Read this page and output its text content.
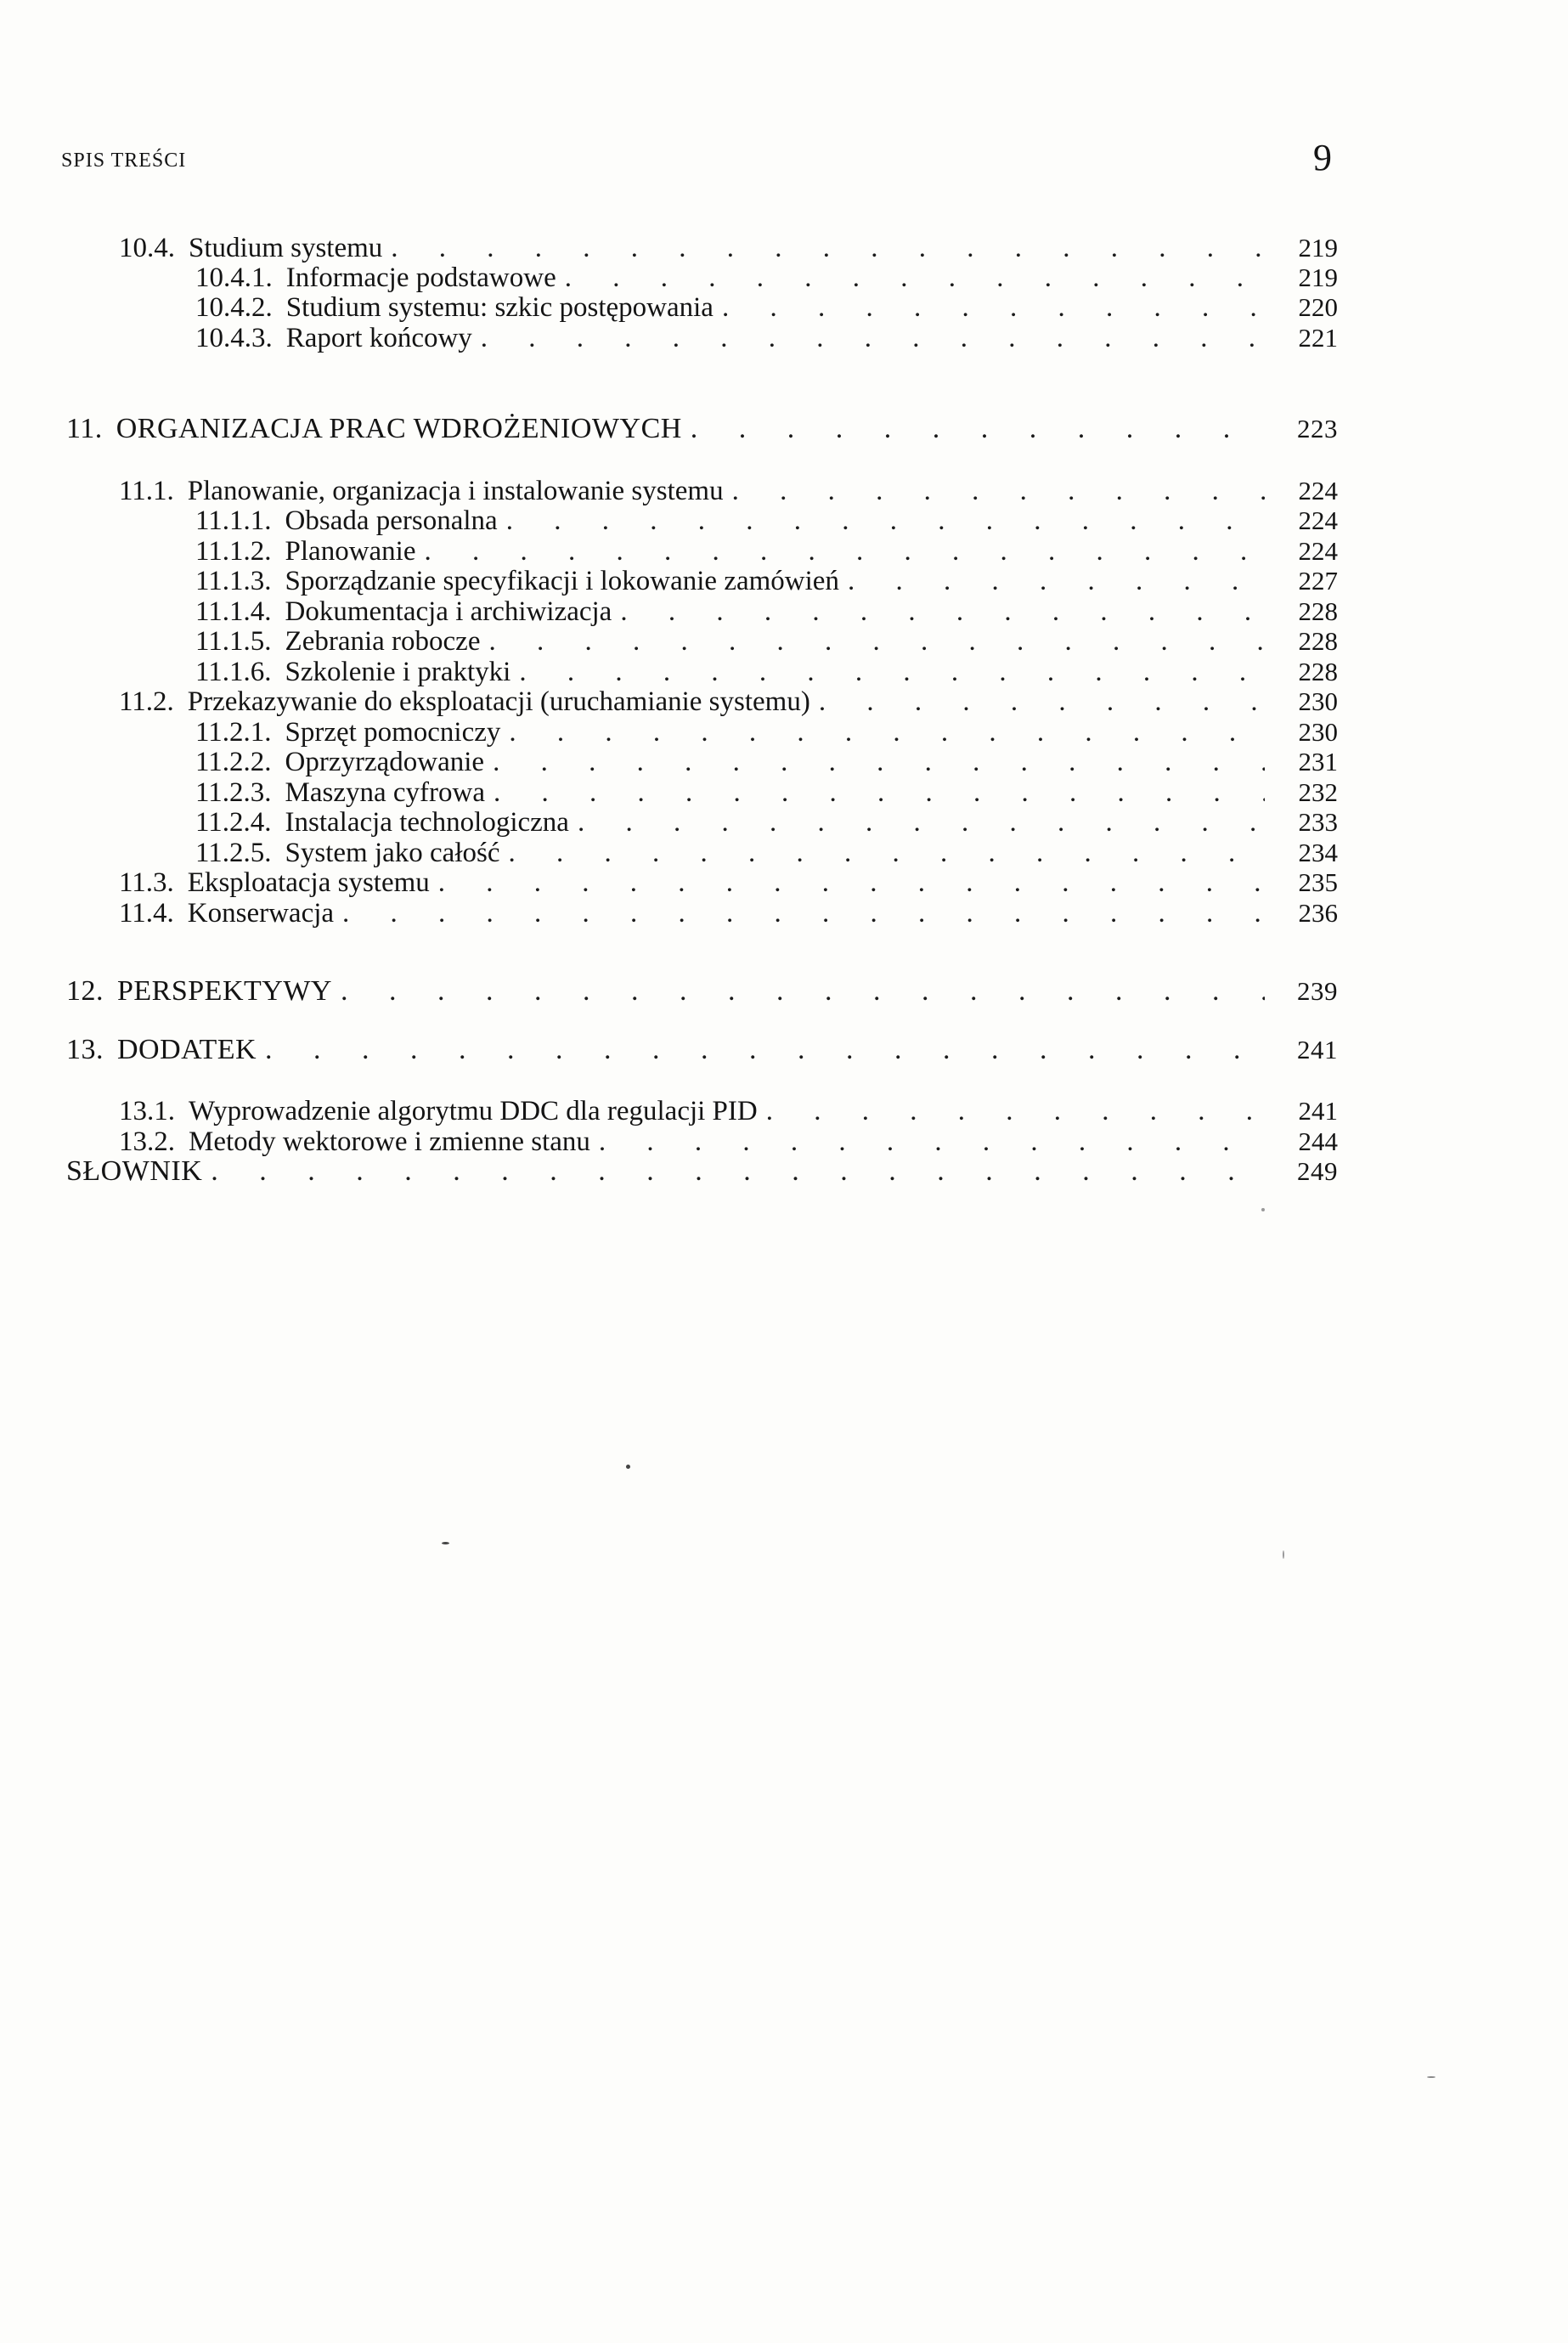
SPIS TREŚCI	9
10.4. Studium systemu . . .	219
10.4.1. Informacje podstawowe . . .	219
10.4.2. Studium systemu: szkic postępowania . . .	220
10.4.3. Raport końcowy . . .	221
11. ORGANIZACJA PRAC WDROŻENIOWYCH . . .	223
11.1. Planowanie, organizacja i instalowanie systemu . . .	224
11.1.1. Obsada personalna . . .	224
11.1.2. Planowanie . . .	224
11.1.3. Sporządzanie specyfikacji i lokowanie zamówień . . .	227
11.1.4. Dokumentacja i archiwizacja . . .	228
11.1.5. Zebrania robocze . . .	228
11.1.6. Szkolenie i praktyki . . .	228
11.2. Przekazywanie do eksploatacji (uruchamianie systemu) . . .	230
11.2.1. Sprzęt pomocniczy . . .	230
11.2.2. Oprzyrządowanie . . .	231
11.2.3. Maszyna cyfrowa . . .	232
11.2.4. Instalacja technologiczna . . .	233
11.2.5. System jako całość . . .	234
11.3. Eksploatacja systemu . . .	235
11.4. Konserwacja . . .	236
12. PERSPEKTYWY . . .	239
13. DODATEK . . .	241
13.1. Wyprowadzenie algorytmu DDC dla regulacji PID . . .	241
13.2. Metody wektorowe i zmienne stanu . . .	244
SŁOWNIK . . .	249
